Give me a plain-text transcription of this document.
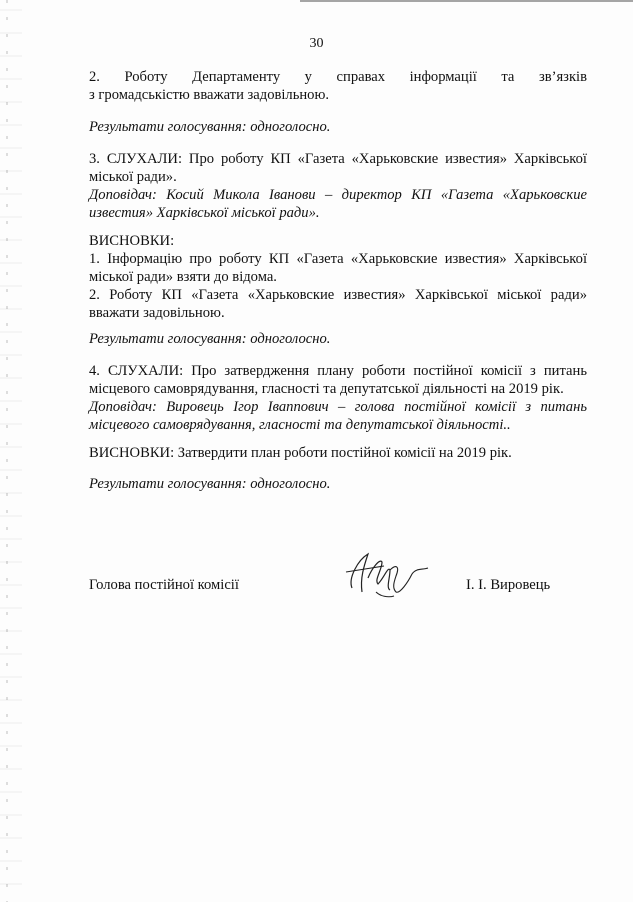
30
2. Роботу Департаменту у справах інформації та зв’язків
з громадськістю вважати задовільною.
Результати голосування: одноголосно.
3. СЛУХАЛИ: Про роботу КП «Газета «Харьковские известия» Харківської
міської ради».
Доповідач: Косий Микола Іванови – директор КП «Газета «Харьковские
известия» Харківської міської ради».
ВИСНОВКИ:
1. Інформацію про роботу КП «Газета «Харьковские известия» Харківської
міської ради» взяти до відома.
2. Роботу КП «Газета «Харьковские известия» Харківської міської ради»
вважати задовільною.
Результати голосування: одноголосно.
4. СЛУХАЛИ: Про затвердження плану роботи постійної комісії з питань
місцевого самоврядування, гласності та депутатської діяльності на 2019 рік.
Доповідач: Вировець Ігор Іваппович – голова постійної комісії з питань
місцевого самоврядування, гласності та депутатської діяльності..
ВИСНОВКИ: Затвердити план роботи постійної комісії на 2019 рік.
Результати голосування: одноголосно.
Голова постійної комісії	І. І. Вировець
